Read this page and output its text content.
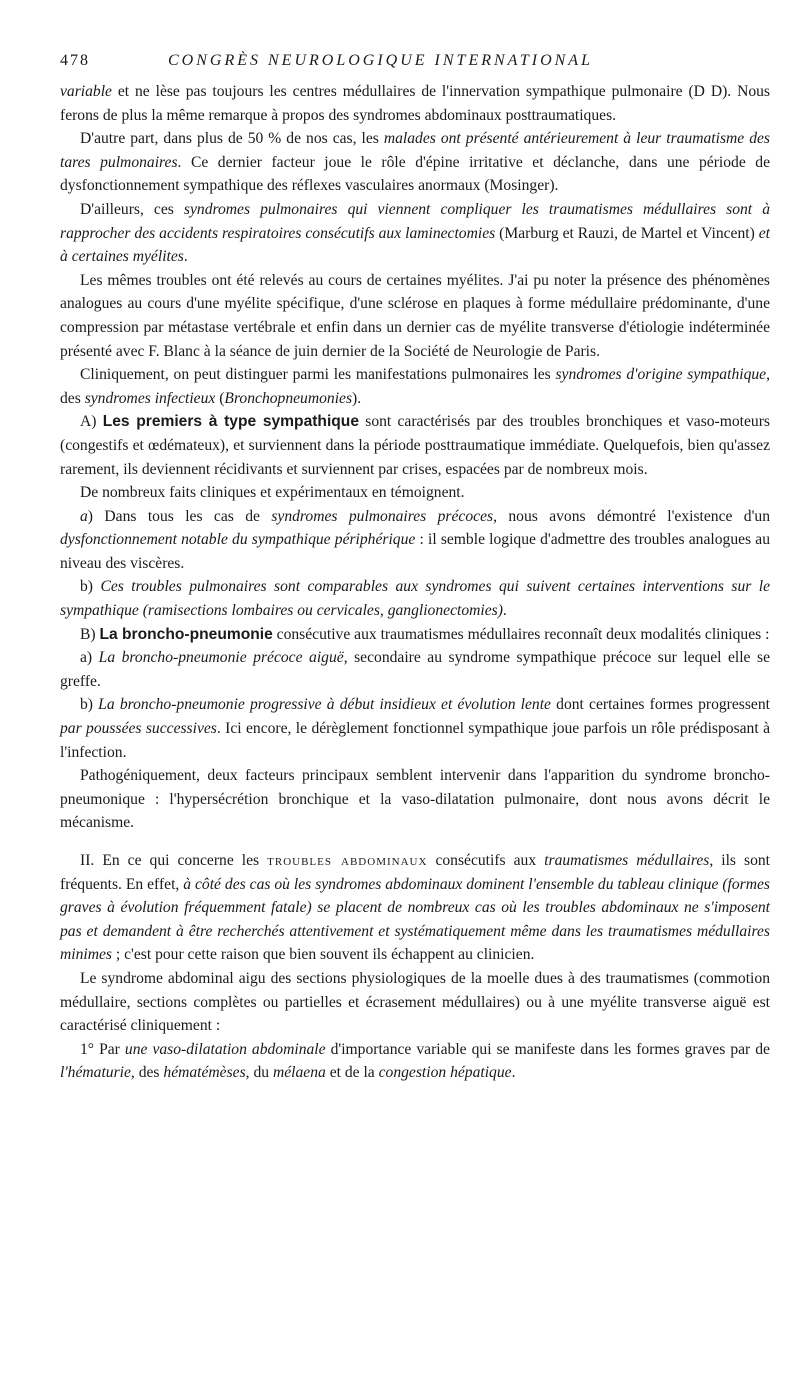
478	CONGRÈS NEUROLOGIQUE INTERNATIONAL

variable et ne lèse pas toujours les centres médullaires de l'innervation sympathique pulmonaire (D D). Nous ferons de plus la même remarque à propos des syndromes abdominaux posttraumatiques.

D'autre part, dans plus de 50 % de nos cas, les malades ont présenté antérieurement à leur traumatisme des tares pulmonaires. Ce dernier facteur joue le rôle d'épine irritative et déclanche, dans une période de dysfonctionnement sympathique des réflexes vasculaires anormaux (Mosinger).

D'ailleurs, ces syndromes pulmonaires qui viennent compliquer les traumatismes médullaires sont à rapprocher des accidents respiratoires consécutifs aux laminectomies (Marburg et Rauzi, de Martel et Vincent) et à certaines myélites.

Les mêmes troubles ont été relevés au cours de certaines myélites. J'ai pu noter la présence des phénomènes analogues au cours d'une myélite spécifique, d'une sclérose en plaques à forme médullaire prédominante, d'une compression par métastase vertébrale et enfin dans un dernier cas de myélite transverse d'étiologie indéterminée présenté avec F. Blanc à la séance de juin dernier de la Société de Neurologie de Paris.

Cliniquement, on peut distinguer parmi les manifestations pulmonaires les syndromes d'origine sympathique, des syndromes infectieux (Bronchopneumonies).

A) Les premiers à type sympathique sont caractérisés par des troubles bronchiques et vaso-moteurs (congestifs et œdémateux), et surviennent dans la période posttraumatique immédiate. Quelquefois, bien qu'assez rarement, ils deviennent récidivants et surviennent par crises, espacées par de nombreux mois.

De nombreux faits cliniques et expérimentaux en témoignent.

a) Dans tous les cas de syndromes pulmonaires précoces, nous avons démontré l'existence d'un dysfonctionnement notable du sympathique périphérique : il semble logique d'admettre des troubles analogues au niveau des viscères.

b) Ces troubles pulmonaires sont comparables aux syndromes qui suivent certaines interventions sur le sympathique (ramisections lombaires ou cervicales, ganglionectomies).

B) La broncho-pneumonie consécutive aux traumatismes médullaires reconnaît deux modalités cliniques :

a) La broncho-pneumonie précoce aiguë, secondaire au syndrome sympathique précoce sur lequel elle se greffe.

b) La broncho-pneumonie progressive à début insidieux et évolution lente dont certaines formes progressent par poussées successives. Ici encore, le dérèglement fonctionnel sympathique joue parfois un rôle prédisposant à l'infection.

Pathogéniquement, deux facteurs principaux semblent intervenir dans l'apparition du syndrome broncho-pneumonique : l'hypersécrétion bronchique et la vaso-dilatation pulmonaire, dont nous avons décrit le mécanisme.

II. En ce qui concerne les troubles abdominaux consécutifs aux traumatismes médullaires, ils sont fréquents. En effet, à côté des cas où les syndromes abdominaux dominent l'ensemble du tableau clinique (formes graves à évolution fréquemment fatale) se placent de nombreux cas où les troubles abdominaux ne s'imposent pas et demandent à être recherchés attentivement et systématiquement même dans les traumatismes médullaires minimes ; c'est pour cette raison que bien souvent ils échappent au clinicien.

Le syndrome abdominal aigu des sections physiologiques de la moelle dues à des traumatismes (commotion médullaire, sections complètes ou partielles et écrasement médullaires) ou à une myélite transverse aiguë est caractérisé cliniquement :

1° Par une vaso-dilatation abdominale d'importance variable qui se manifeste dans les formes graves par de l'hématurie, des hématémèses, du mélaena et de la congestion hépatique.
